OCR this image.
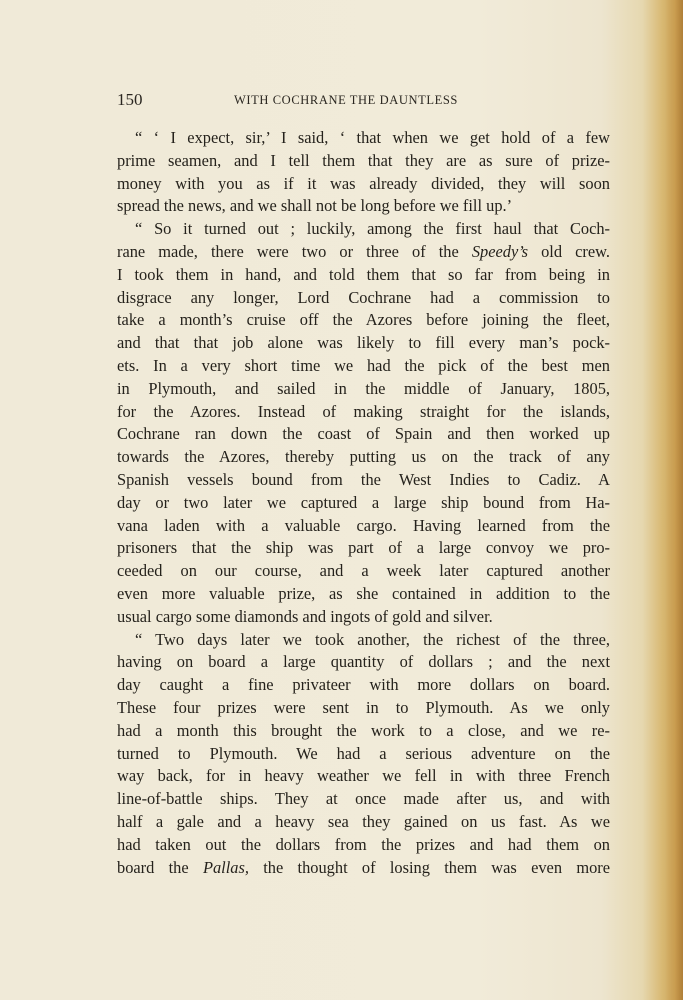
150	WITH COCHRANE THE DAUNTLESS
“ ‘ I expect, sir,’ I said, ‘ that when we get hold of a few
prime seamen, and I tell them that they are as sure of prize-
money with you as if it was already divided, they will soon
spread the news, and we shall not be long before we fill up.’
“ So it turned out ; luckily, among the first haul that Coch-
rane made, there were two or three of the Speedy’s old crew.
I took them in hand, and told them that so far from being in
disgrace any longer, Lord Cochrane had a commission to
take a month’s cruise off the Azores before joining the fleet,
and that that job alone was likely to fill every man’s pock-
ets. In a very short time we had the pick of the best men
in Plymouth, and sailed in the middle of January, 1805,
for the Azores. Instead of making straight for the islands,
Cochrane ran down the coast of Spain and then worked up
towards the Azores, thereby putting us on the track of any
Spanish vessels bound from the West Indies to Cadiz. A
day or two later we captured a large ship bound from Ha-
vana laden with a valuable cargo. Having learned from the
prisoners that the ship was part of a large convoy we pro-
ceeded on our course, and a week later captured another
even more valuable prize, as she contained in addition to the
usual cargo some diamonds and ingots of gold and silver.
“ Two days later we took another, the richest of the three,
having on board a large quantity of dollars ; and the next
day caught a fine privateer with more dollars on board.
These four prizes were sent in to Plymouth. As we only
had a month this brought the work to a close, and we re-
turned to Plymouth. We had a serious adventure on the
way back, for in heavy weather we fell in with three French
line-of-battle ships. They at once made after us, and with
half a gale and a heavy sea they gained on us fast. As we
had taken out the dollars from the prizes and had them on
board the Pallas, the thought of losing them was even more
